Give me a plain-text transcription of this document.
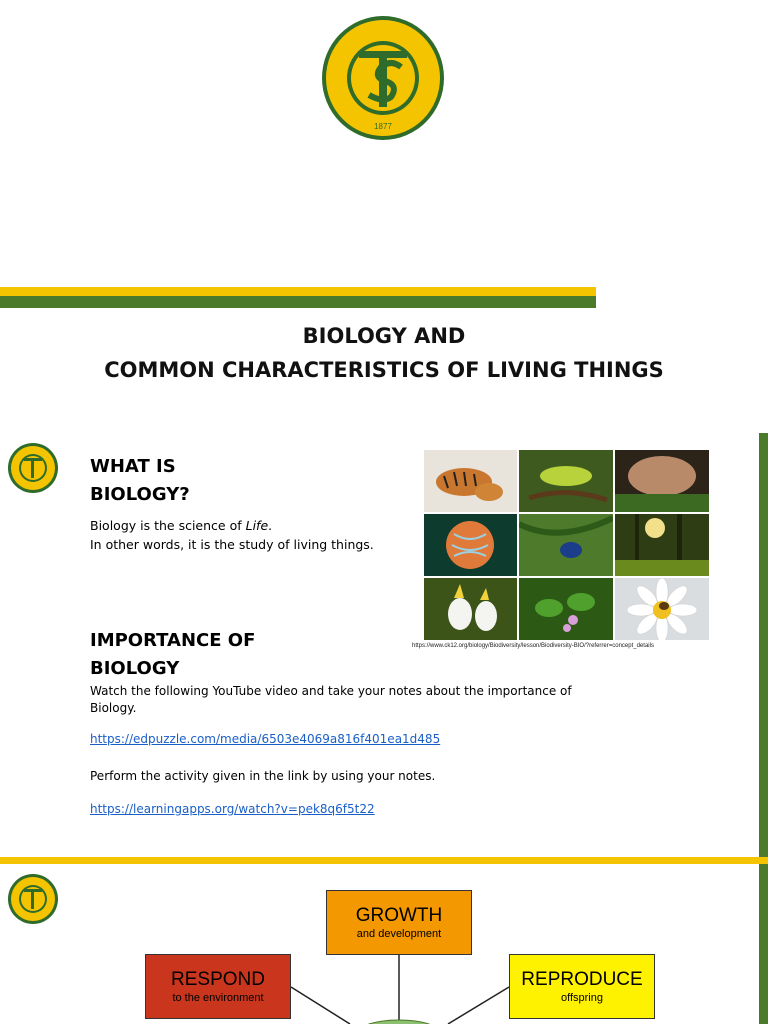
1877
BIOLOGY AND
COMMON CHARACTERISTICS OF LIVING THINGS
WHAT IS
BIOLOGY?
Biology is the science of Life.
In other words, it is the study of living things.
https://www.ck12.org/biology/Biodiversity/lesson/Biodiversity-BIO/?referrer=concept_details
IMPORTANCE OF
BIOLOGY
Watch the following YouTube video and take your notes about the importance of Biology.
https://edpuzzle.com/media/6503e4069a816f401ea1d485
Perform the activity given in the link by using your notes.
https://learningapps.org/watch?v=pek8q6f5t22
GROWTH
and development
RESPOND
to the environment
REPRODUCE
offspring
